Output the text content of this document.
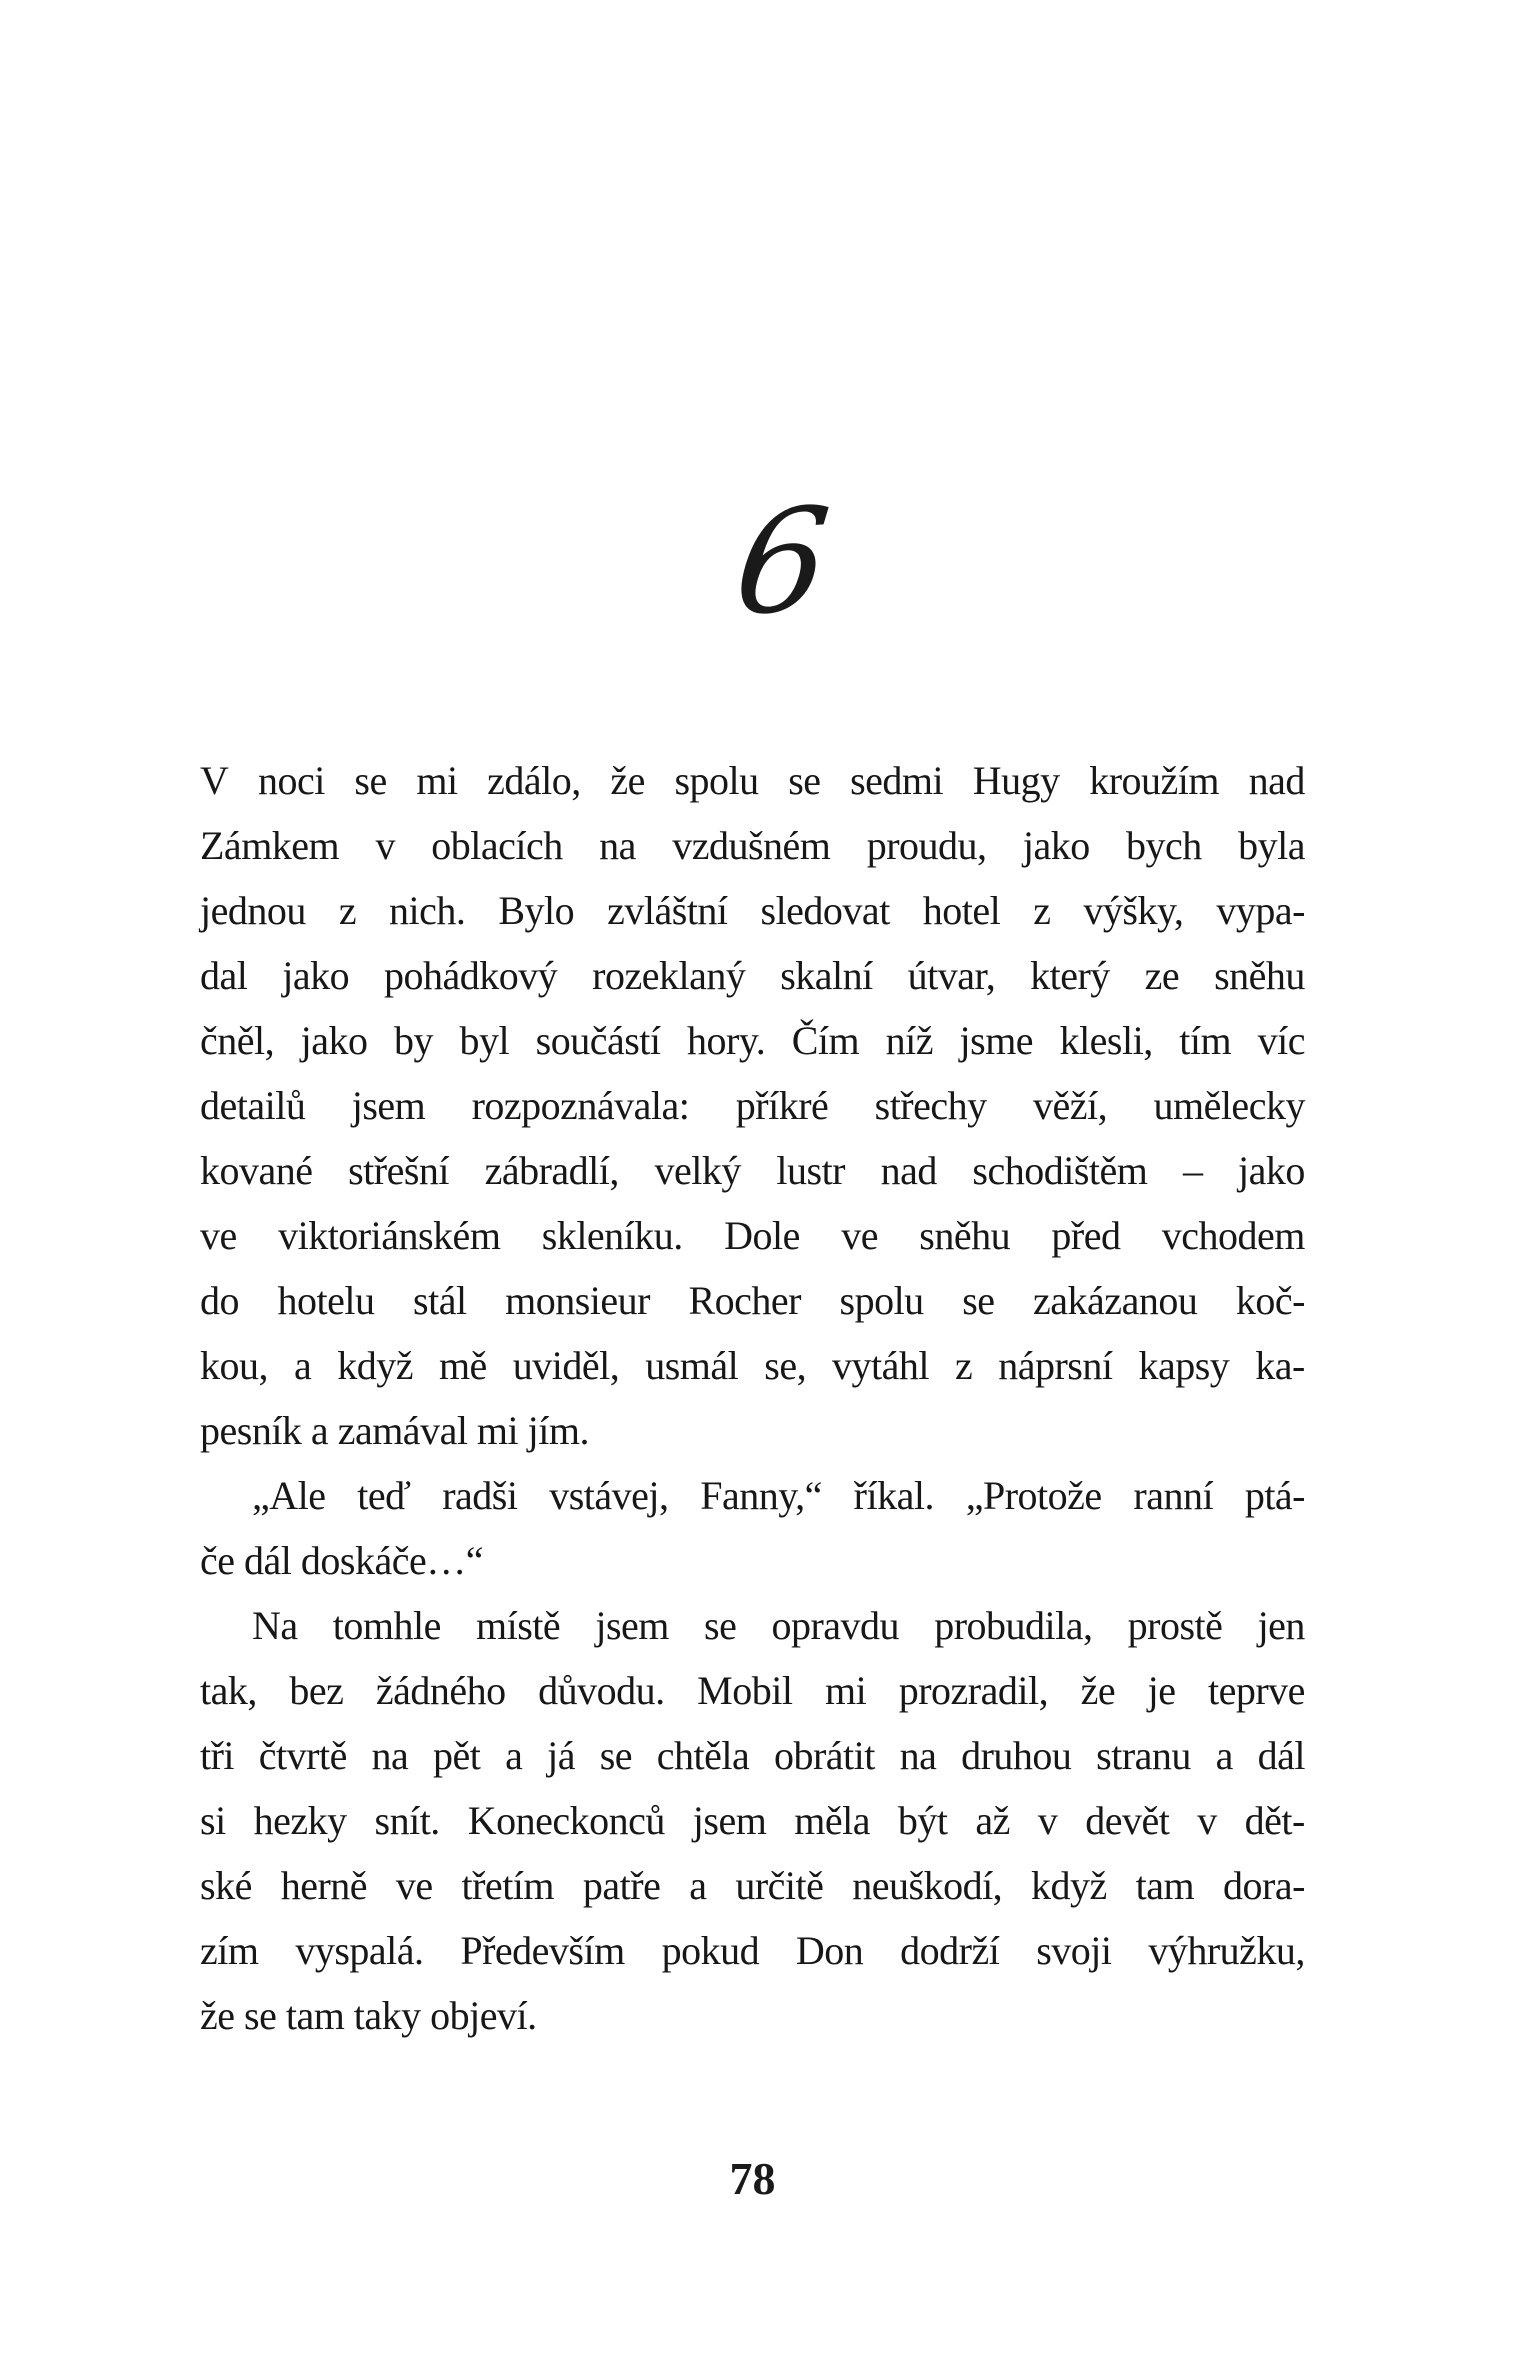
6
V noci se mi zdálo, že spolu se sedmi Hugy kroužím nad
Zámkem v oblacích na vzdušném proudu, jako bych byla
jednou z nich. Bylo zvláštní sledovat hotel z výšky, vypa-
dal jako pohádkový rozeklaný skalní útvar, který ze sněhu
čněl, jako by byl součástí hory. Čím níž jsme klesli, tím víc
detailů jsem rozpoznávala: příkré střechy věží, umělecky
kované střešní zábradlí, velký lustr nad schodištěm – jako
ve viktoriánském skleníku. Dole ve sněhu před vchodem
do hotelu stál monsieur Rocher spolu se zakázanou koč-
kou, a když mě uviděl, usmál se, vytáhl z náprsní kapsy ka-
pesník a zamával mi jím.
„Ale teď radši vstávej, Fanny,“ říkal. „Protože ranní ptá-
če dál doskáče…“
Na tomhle místě jsem se opravdu probudila, prostě jen
tak, bez žádného důvodu. Mobil mi prozradil, že je teprve
tři čtvrtě na pět a já se chtěla obrátit na druhou stranu a dál
si hezky snít. Koneckonců jsem měla být až v devět v dět-
ské herně ve třetím patře a určitě neuškodí, když tam dora-
zím vyspalá. Především pokud Don dodrží svoji výhružku,
že se tam taky objeví.
78
